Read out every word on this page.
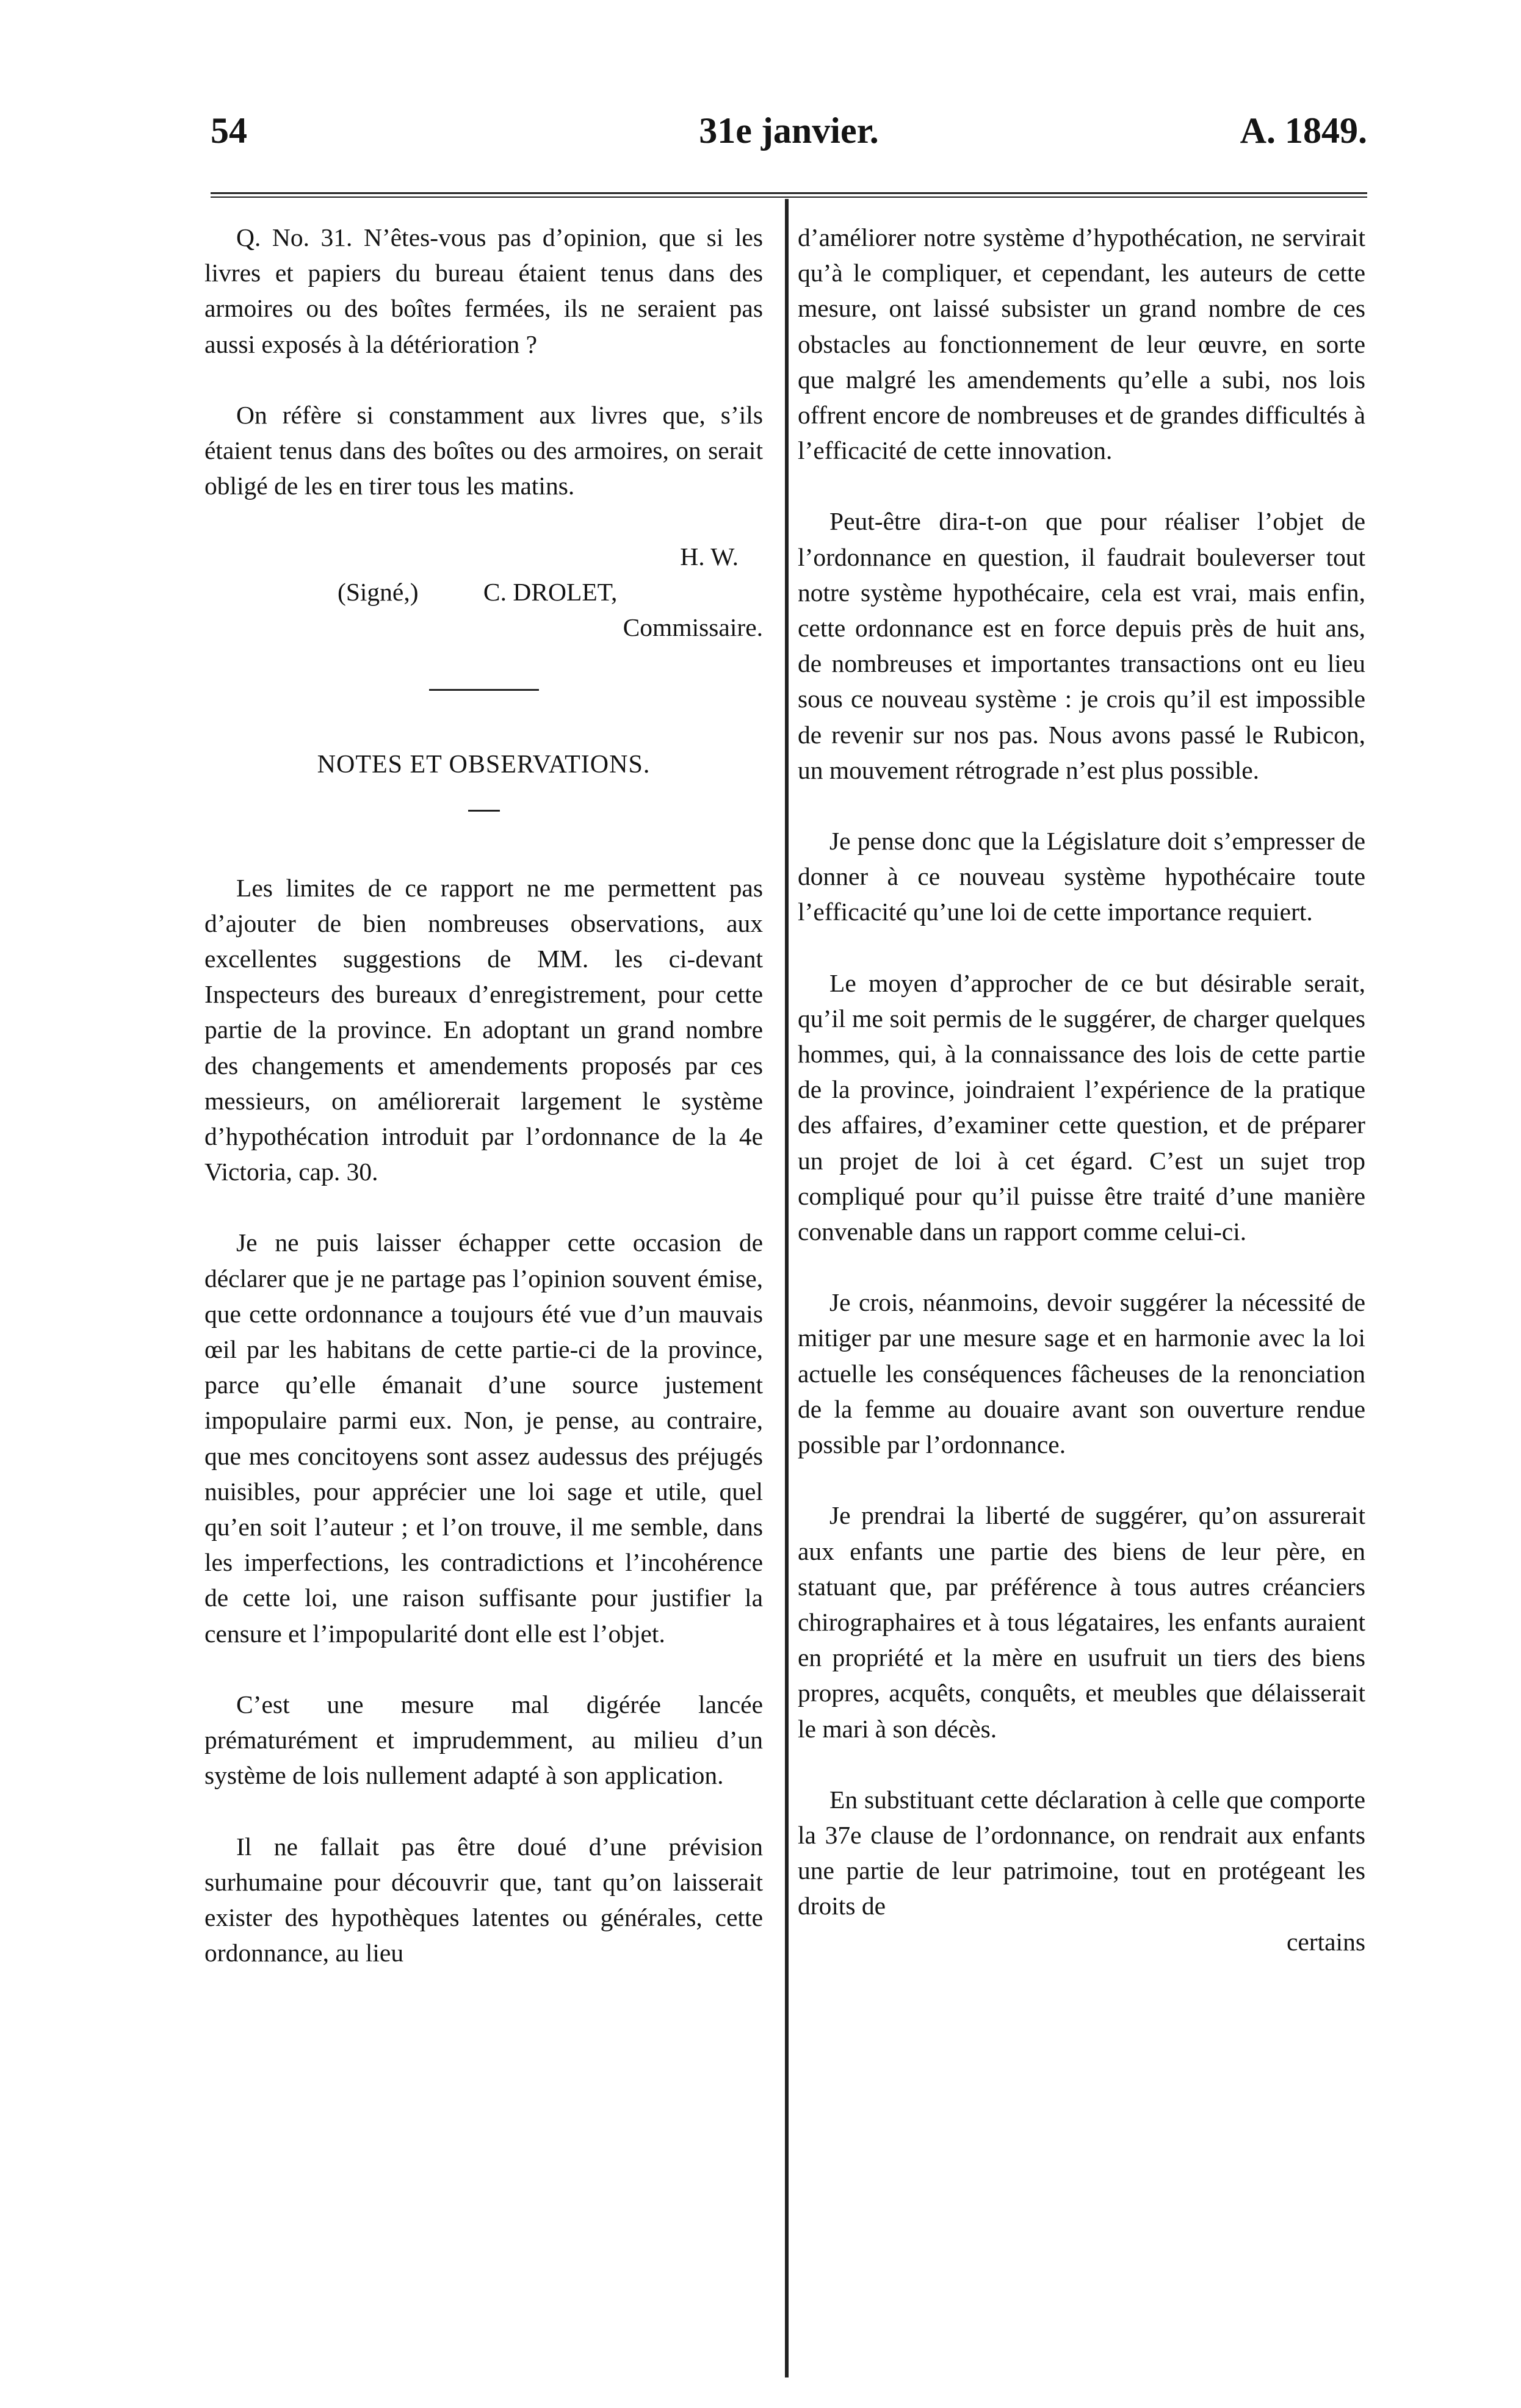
54	31e janvier.	A. 1849.

Q. No. 31. N’êtes-vous pas d’opinion, que si les livres et papiers du bureau étaient tenus dans des armoires ou des boîtes fermées, ils ne seraient pas aussi exposés à la détérioration ?

On réfère si constamment aux livres que, s’ils étaient tenus dans des boîtes ou des armoires, on serait obligé de les en tirer tous les matins.

H. W.
(Signé,)	C. DROLET,
Commissaire.
NOTES ET OBSERVATIONS.

Les limites de ce rapport ne me permettent pas d’ajouter de bien nombreuses observations, aux excellentes suggestions de MM. les ci-devant Inspecteurs des bureaux d’enregistrement, pour cette partie de la province. En adoptant un grand nombre des changements et amendements proposés par ces messieurs, on améliorerait largement le système d’hypothécation introduit par l’ordonnance de la 4e Victoria, cap. 30.

Je ne puis laisser échapper cette occasion de déclarer que je ne partage pas l’opinion souvent émise, que cette ordonnance a toujours été vue d’un mauvais œil par les habitans de cette partie-ci de la province, parce qu’elle émanait d’une source justement impopulaire parmi eux. Non, je pense, au contraire, que mes concitoyens sont assez audessus des préjugés nuisibles, pour apprécier une loi sage et utile, quel qu’en soit l’auteur ; et l’on trouve, il me semble, dans les imperfections, les contradictions et l’incohérence de cette loi, une raison suffisante pour justifier la censure et l’impopularité dont elle est l’objet.

C’est une mesure mal digérée lancée prématurément et imprudemment, au milieu d’un système de lois nullement adapté à son application.

Il ne fallait pas être doué d’une prévision surhumaine pour découvrir que, tant qu’on laisserait exister des hypothèques latentes ou générales, cette ordonnance, au lieu

d’améliorer notre système d’hypothécation, ne servirait qu’à le compliquer, et cependant, les auteurs de cette mesure, ont laissé subsister un grand nombre de ces obstacles au fonctionnement de leur œuvre, en sorte que malgré les amendements qu’elle a subi, nos lois offrent encore de nombreuses et de grandes difficultés à l’efficacité de cette innovation.

Peut-être dira-t-on que pour réaliser l’objet de l’ordonnance en question, il faudrait bouleverser tout notre système hypothécaire, cela est vrai, mais enfin, cette ordonnance est en force depuis près de huit ans, de nombreuses et importantes transactions ont eu lieu sous ce nouveau système : je crois qu’il est impossible de revenir sur nos pas. Nous avons passé le Rubicon, un mouvement rétrograde n’est plus possible.

Je pense donc que la Législature doit s’empresser de donner à ce nouveau système hypothécaire toute l’efficacité qu’une loi de cette importance requiert.

Le moyen d’approcher de ce but désirable serait, qu’il me soit permis de le suggérer, de charger quelques hommes, qui, à la connaissance des lois de cette partie de la province, joindraient l’expérience de la pratique des affaires, d’examiner cette question, et de préparer un projet de loi à cet égard. C’est un sujet trop compliqué pour qu’il puisse être traité d’une manière convenable dans un rapport comme celui-ci.

Je crois, néanmoins, devoir suggérer la nécessité de mitiger par une mesure sage et en harmonie avec la loi actuelle les conséquences fâcheuses de la renonciation de la femme au douaire avant son ouverture rendue possible par l’ordonnance.

Je prendrai la liberté de suggérer, qu’on assurerait aux enfants une partie des biens de leur père, en statuant que, par préférence à tous autres créanciers chirographaires et à tous légataires, les enfants auraient en propriété et la mère en usufruit un tiers des biens propres, acquêts, conquêts, et meubles que délaisserait le mari à son décès.

En substituant cette déclaration à celle que comporte la 37e clause de l’ordonnance, on rendrait aux enfants une partie de leur patrimoine, tout en protégeant les droits de

certains
